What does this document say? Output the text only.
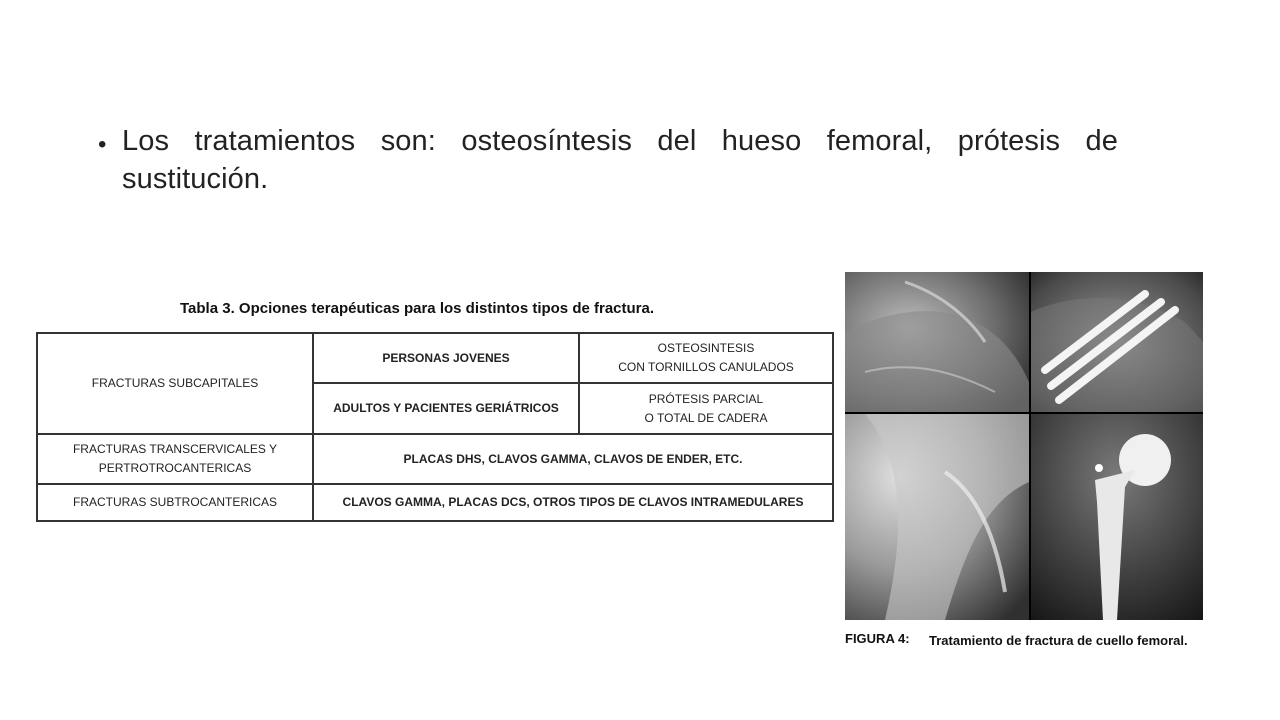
• Los tratamientos son: osteosíntesis del hueso femoral, prótesis de sustitución.
Tabla 3. Opciones terapéuticas para los distintos tipos de fractura.
FRACTURAS SUBCAPITALES	PERSONAS JOVENES	OSTEOSINTESIS
CON TORNILLOS CANULADOS

	ADULTOS Y PACIENTES GERIÁTRICOS	PRÓTESIS PARCIAL
O TOTAL DE CADERA

FRACTURAS TRANSCERVICALES Y
PERTROTROCANTERICAS	PLACAS DHS, CLAVOS GAMMA, CLAVOS DE ENDER, ETC.	
FRACTURAS SUBTROCANTERICAS	CLAVOS GAMMA, PLACAS DCS, OTROS TIPOS DE CLAVOS INTRAMEDULARES	
FIGURA 4: Tratamiento de fractura de cuello femoral.
